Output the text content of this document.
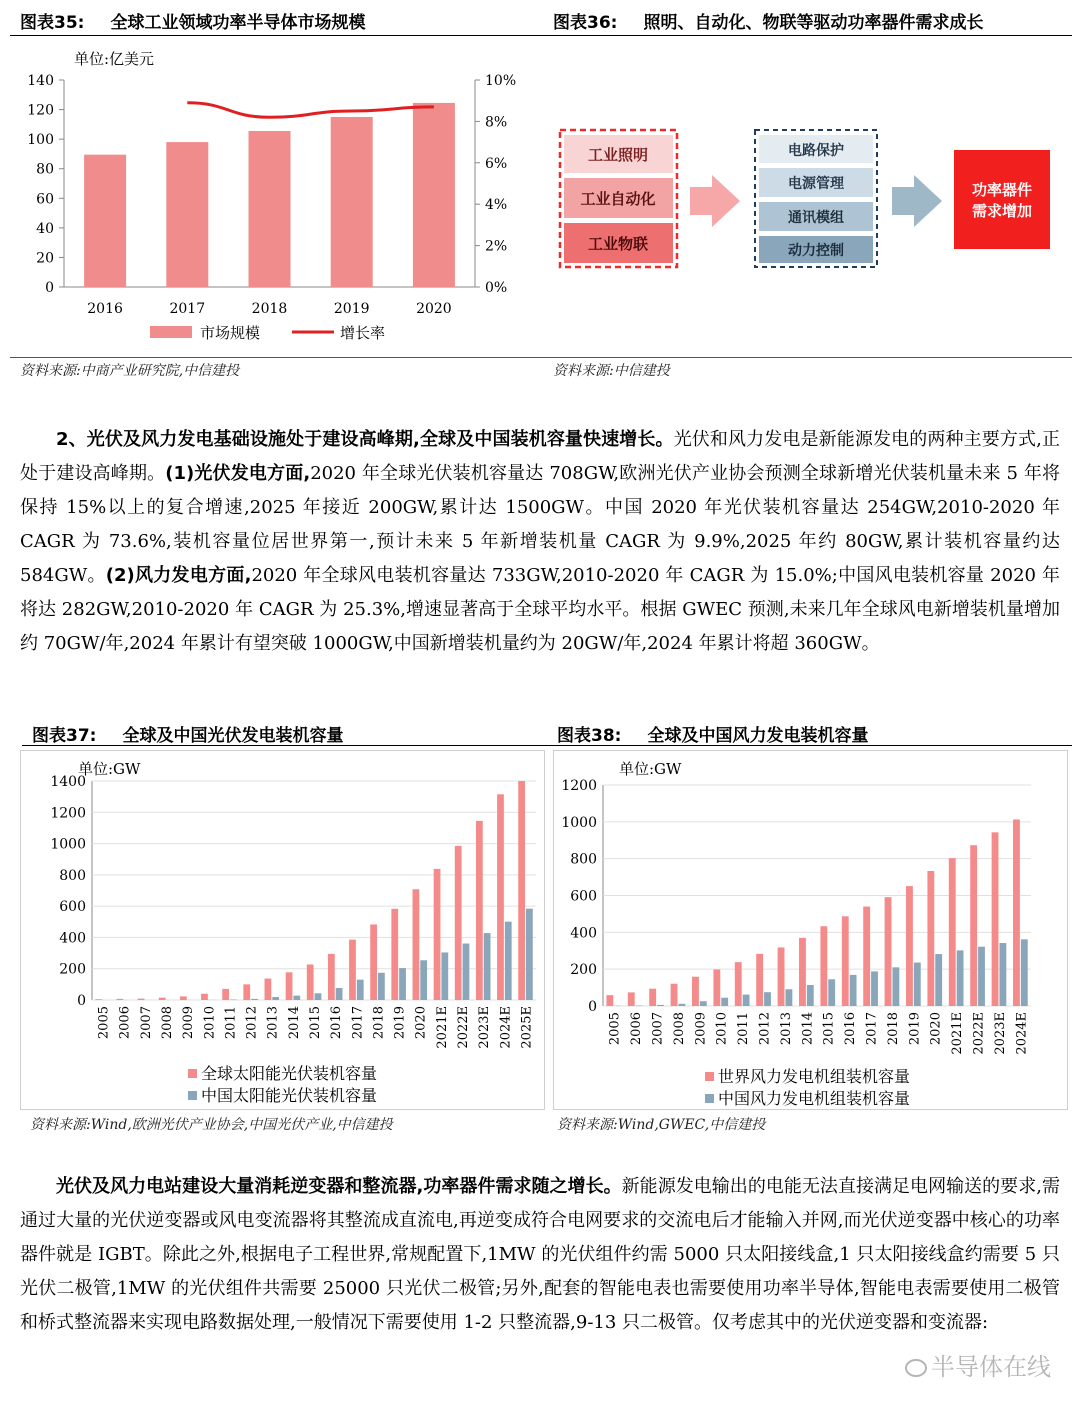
图表35: 全球工业领域功率半导体市场规模	图表36: 照明、自动化、物联等驱动功率器件需求成长
单位:亿美元
0
20
40
60
80
100
120
140
0%
2%
4%
6%
8%
10%
2016	2017	2018	2019	2020
市场规模	增长率
工业照明
工业自动化
工业物联
电路保护
电源管理
通讯模组
动力控制
功率器件
需求增加
资料来源:中商产业研究院,中信建投	资料来源:中信建投
2、光伏及风力发电基础设施处于建设高峰期,全球及中国装机容量快速增长。光伏和风力发电是新能源发电的两种主要方式,正处于建设高峰期。(1)光伏发电方面,2020 年全球光伏装机容量达 708GW,欧洲光伏产业协会预测全球新增光伏装机量未来 5 年将保持 15%以上的复合增速,2025 年接近 200GW,累计达 1500GW。中国 2020 年光伏装机容量达 254GW,2010-2020 年 CAGR 为 73.6%,装机容量位居世界第一,预计未来 5 年新增装机量 CAGR 为 9.9%,2025 年约 80GW,累计装机容量约达 584GW。(2)风力发电方面,2020 年全球风电装机容量达 733GW,2010-2020 年 CAGR 为 15.0%;中国风电装机容量 2020 年将达 282GW,2010-2020 年 CAGR 为 25.3%,增速显著高于全球平均水平。根据 GWEC 预测,未来几年全球风电新增装机量增加约 70GW/年,2024 年累计有望突破 1000GW,中国新增装机量约为 20GW/年,2024 年累计将超 360GW。
图表37: 全球及中国光伏发电装机容量	图表38: 全球及中国风力发电装机容量
单位:GW
0
200
400
600
800
1000
1200
1400
2005 2006 2007 2008 2009 2010 2011 2012 2013 2014 2015 2016 2017 2018 2019 2020 2021E 2022E 2023E 2024E 2025E
全球太阳能光伏装机容量
中国太阳能光伏装机容量
单位:GW
0
200
400
600
800
1000
1200
2005 2006 2007 2008 2009 2010 2011 2012 2013 2014 2015 2016 2017 2018 2019 2020 2021E 2022E 2023E 2024E
世界风力发电机组装机容量
中国风力发电机组装机容量
资料来源:Wind,欧洲光伏产业协会,中国光伏产业,中信建投	资料来源:Wind,GWEC,中信建投
光伏及风力电站建设大量消耗逆变器和整流器,功率器件需求随之增长。新能源发电输出的电能无法直接满足电网输送的要求,需通过大量的光伏逆变器或风电变流器将其整流成直流电,再逆变成符合电网要求的交流电后才能输入并网,而光伏逆变器中核心的功率器件就是 IGBT。除此之外,根据电子工程世界,常规配置下,1MW 的光伏组件约需 5000 只太阳接线盒,1 只太阳接线盒约需要 5 只光伏二极管,1MW 的光伏组件共需要 25000 只光伏二极管;另外,配套的智能电表也需要使用功率半导体,智能电表需要使用二极管和桥式整流器来实现电路数据处理,一般情况下需要使用 1-2 只整流器,9-13 只二极管。仅考虑其中的光伏逆变器和变流器:
半导体在线
